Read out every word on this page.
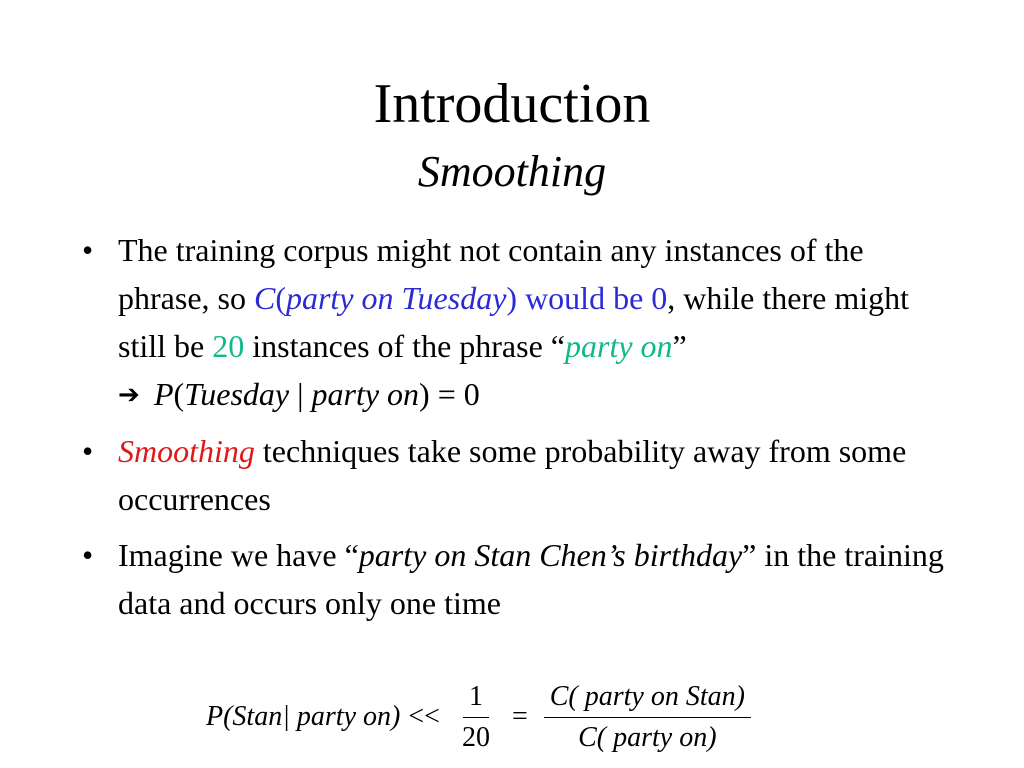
Introduction
Smoothing
• The training corpus might not contain any instances of the phrase, so C(party on Tuesday) would be 0, while there might still be 20 instances of the phrase “party on”
➔ P(Tuesday | party on) = 0
• Smoothing techniques take some probability away from some occurrences
• Imagine we have “party on Stan Chen’s birthday” in the training data and occurs only one time
P(Stan| party $on) << \frac{1}{20} = \frac{\text{C( party on Stan)}}{\text{C( party on)}}$
